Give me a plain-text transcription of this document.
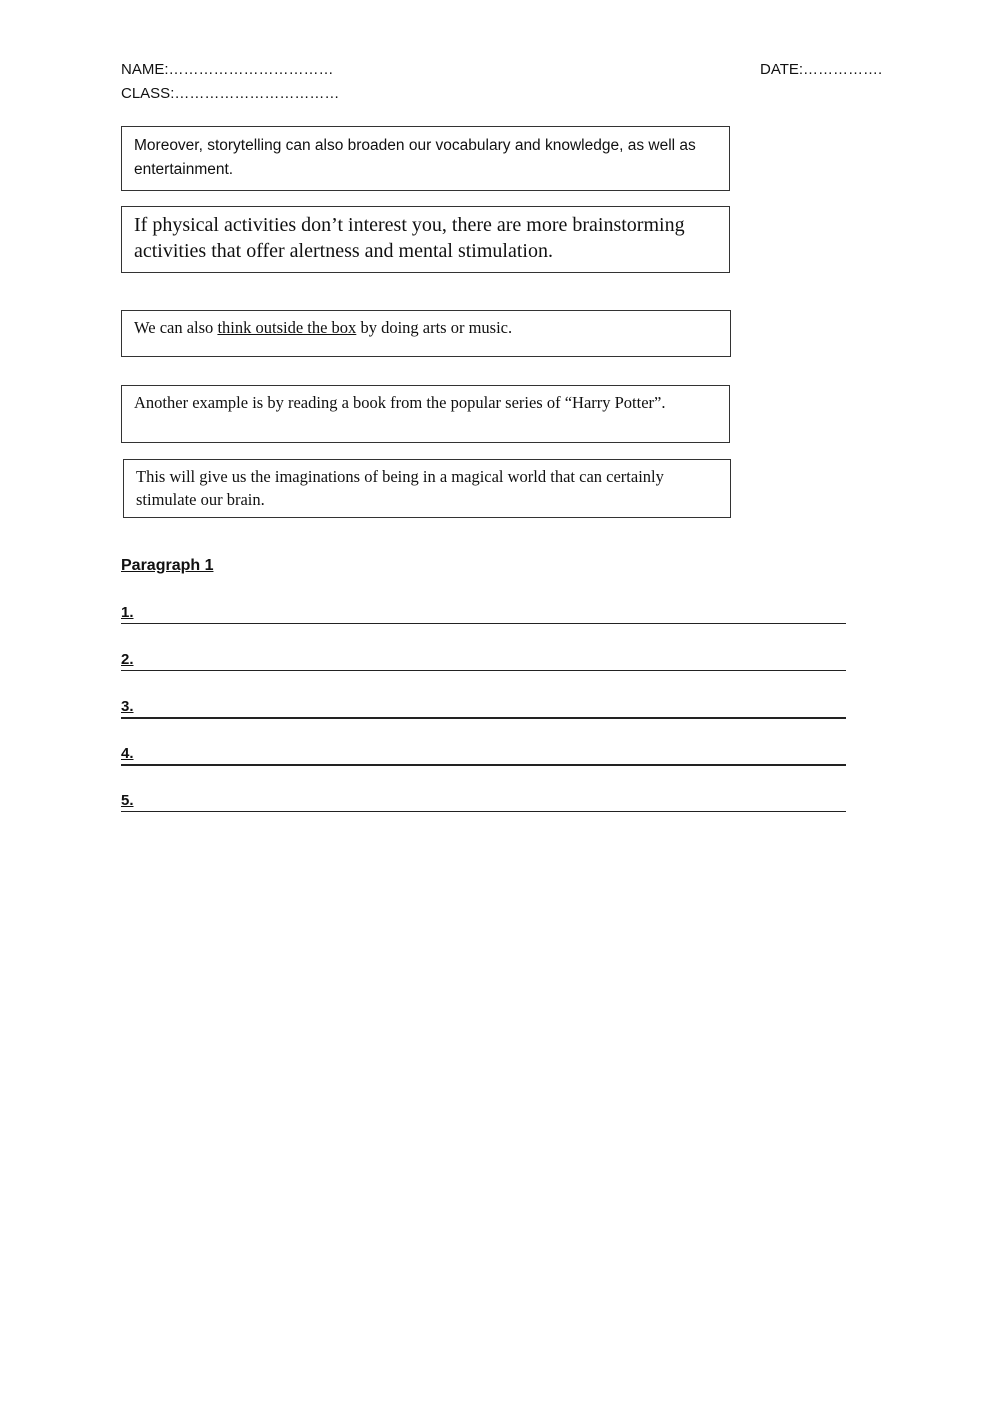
NAME:……………………………
CLASS:……………………………
DATE:…………….
Moreover, storytelling can also broaden our vocabulary and knowledge, as well as entertainment.
If physical activities don’t interest you, there are more brainstorming activities that offer alertness and mental stimulation.
We can also think outside the box by doing arts or music.
Another example is by reading a book from the popular series of “Harry Potter”.
This will give us the imaginations of being in a magical world that can certainly stimulate our brain.
Paragraph 1
1.
2.
3.
4.
5.
